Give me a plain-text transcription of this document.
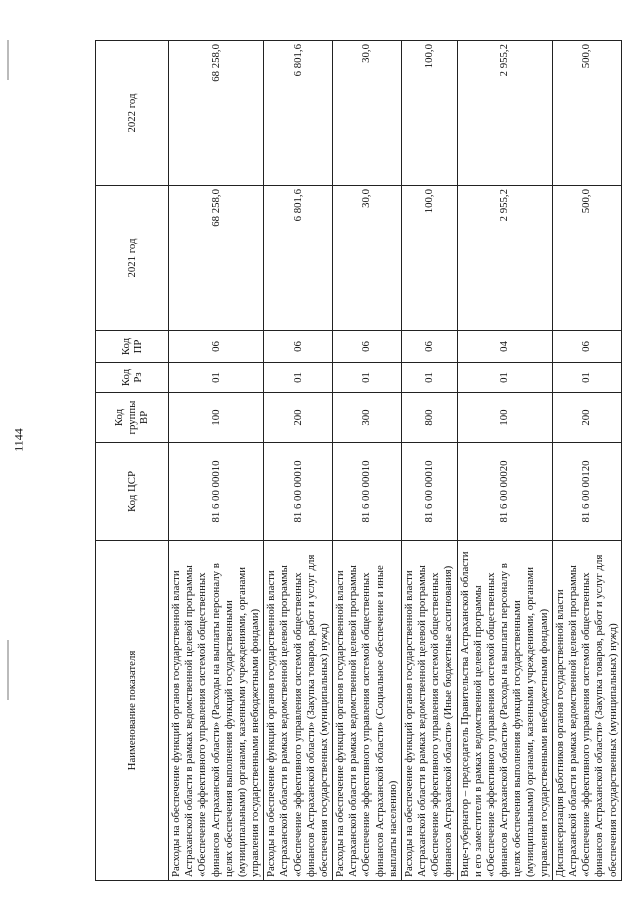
1144
Наименование показателя	Код ЦСР	Код группы ВР	Код Рз	Код ПР	2021 год	2022 год
Расходы на обеспечение функций органов государственной власти Астраханской области в рамках ведомственной целевой программы «Обеспечение эффективного управления системой общественных финансов Астраханской области» (Расходы на выплаты персоналу в целях обеспечения выполнения функций государственными (муниципальными) органами, казенными учреждениями, органами управления государственными внебюджетными фондами)	81 6 00 00010	100	01	06	68 258,0	68 258,0
Расходы на обеспечение функций органов государственной власти Астраханской области в рамках ведомственной целевой программы «Обеспечение эффективного управления системой общественных финансов Астраханской области» (Закупка товаров, работ и услуг для обеспечения государственных (муниципальных) нужд)	81 6 00 00010	200	01	06	6 801,6	6 801,6
Расходы на обеспечение функций органов государственной власти Астраханской области в рамках ведомственной целевой программы «Обеспечение эффективного управления системой общественных финансов Астраханской области» (Социальное обеспечение и иные выплаты населению)	81 6 00 00010	300	01	06	30,0	30,0
Расходы на обеспечение функций органов государственной власти Астраханской области в рамках ведомственной целевой программы «Обеспечение эффективного управления системой общественных финансов Астраханской области» (Иные бюджетные ассигнования)	81 6 00 00010	800	01	06	100,0	100,0
Вице-губернатор – председатель Правительства Астраханской области и его заместители в рамках ведомственной целевой программы «Обеспечение эффективного управления системой общественных финансов Астраханской области» (Расходы на выплаты персоналу в целях обеспечения выполнения функций государственными (муниципальными) органами, казенными учреждениями, органами управления государственными внебюджетными фондами)	81 6 00 00020	100	01	04	2 955,2	2 955,2
Диспансеризация работников органов государственной власти Астраханской области в рамках ведомственной целевой программы «Обеспечение эффективного управления системой общественных финансов Астраханской области» (Закупка товаров, работ и услуг для обеспечения государственных (муниципальных) нужд)	81 6 00 00120	200	01	06	500,0	500,0
